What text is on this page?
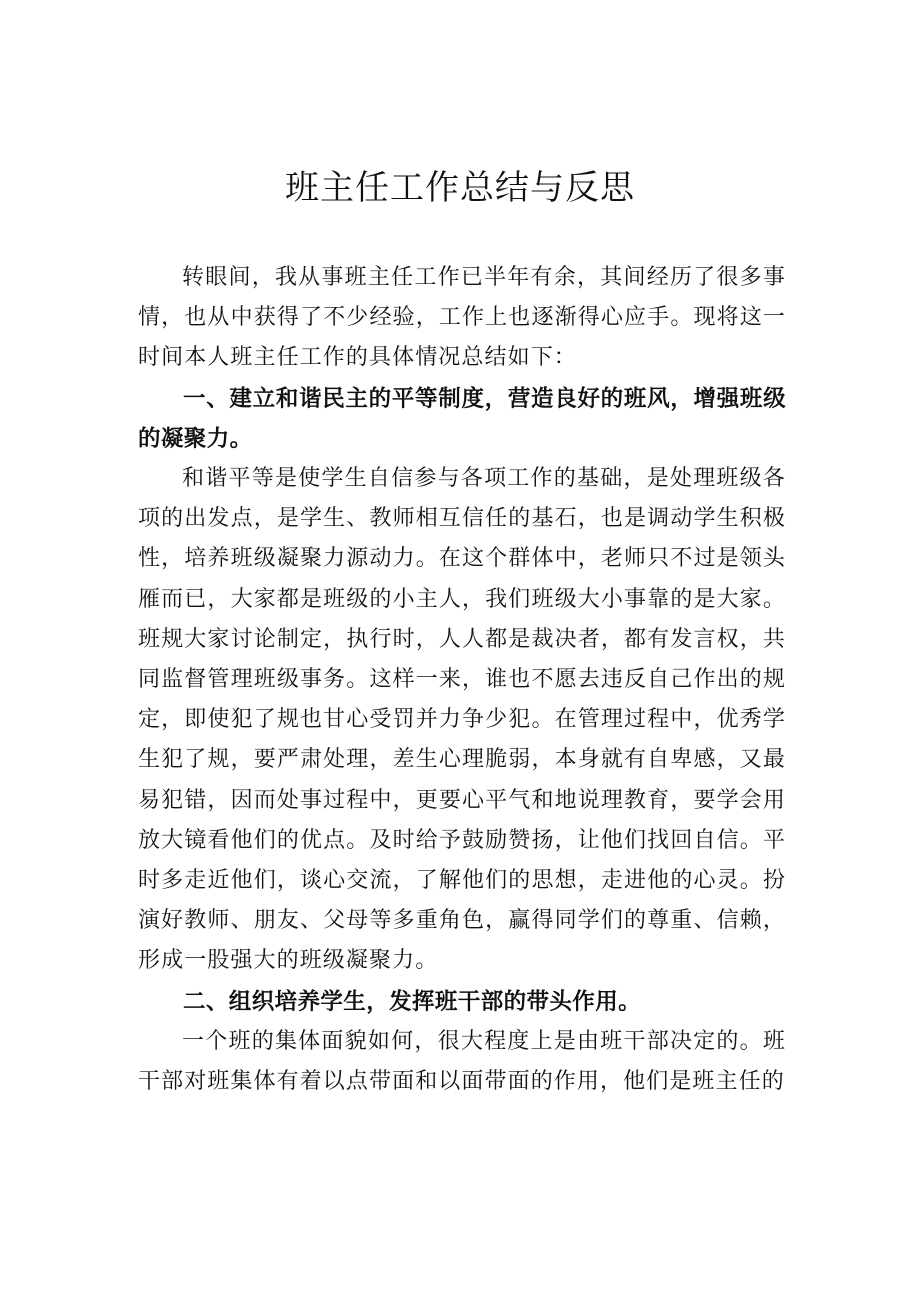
班主任工作总结与反思

转眼间，我从事班主任工作已半年有余，其间经历了很多事情，也从中获得了不少经验，工作上也逐渐得心应手。现将这一时间本人班主任工作的具体情况总结如下：

一、建立和谐民主的平等制度，营造良好的班风，增强班级的凝聚力。

和谐平等是使学生自信参与各项工作的基础，是处理班级各项的出发点，是学生、教师相互信任的基石，也是调动学生积极性，培养班级凝聚力源动力。在这个群体中，老师只不过是领头雁而已，大家都是班级的小主人，我们班级大小事靠的是大家。班规大家讨论制定，执行时，人人都是裁决者，都有发言权，共同监督管理班级事务。这样一来，谁也不愿去违反自己作出的规定，即使犯了规也甘心受罚并力争少犯。在管理过程中，优秀学生犯了规，要严肃处理，差生心理脆弱，本身就有自卑感，又最易犯错，因而处事过程中，更要心平气和地说理教育，要学会用放大镜看他们的优点。及时给予鼓励赞扬，让他们找回自信。平时多走近他们，谈心交流，了解他们的思想，走进他的心灵。扮演好教师、朋友、父母等多重角色，赢得同学们的尊重、信赖，形成一股强大的班级凝聚力。

二、组织培养学生，发挥班干部的带头作用。

一个班的集体面貌如何，很大程度上是由班干部决定的。班干部对班集体有着以点带面和以面带面的作用，他们是班主任的
